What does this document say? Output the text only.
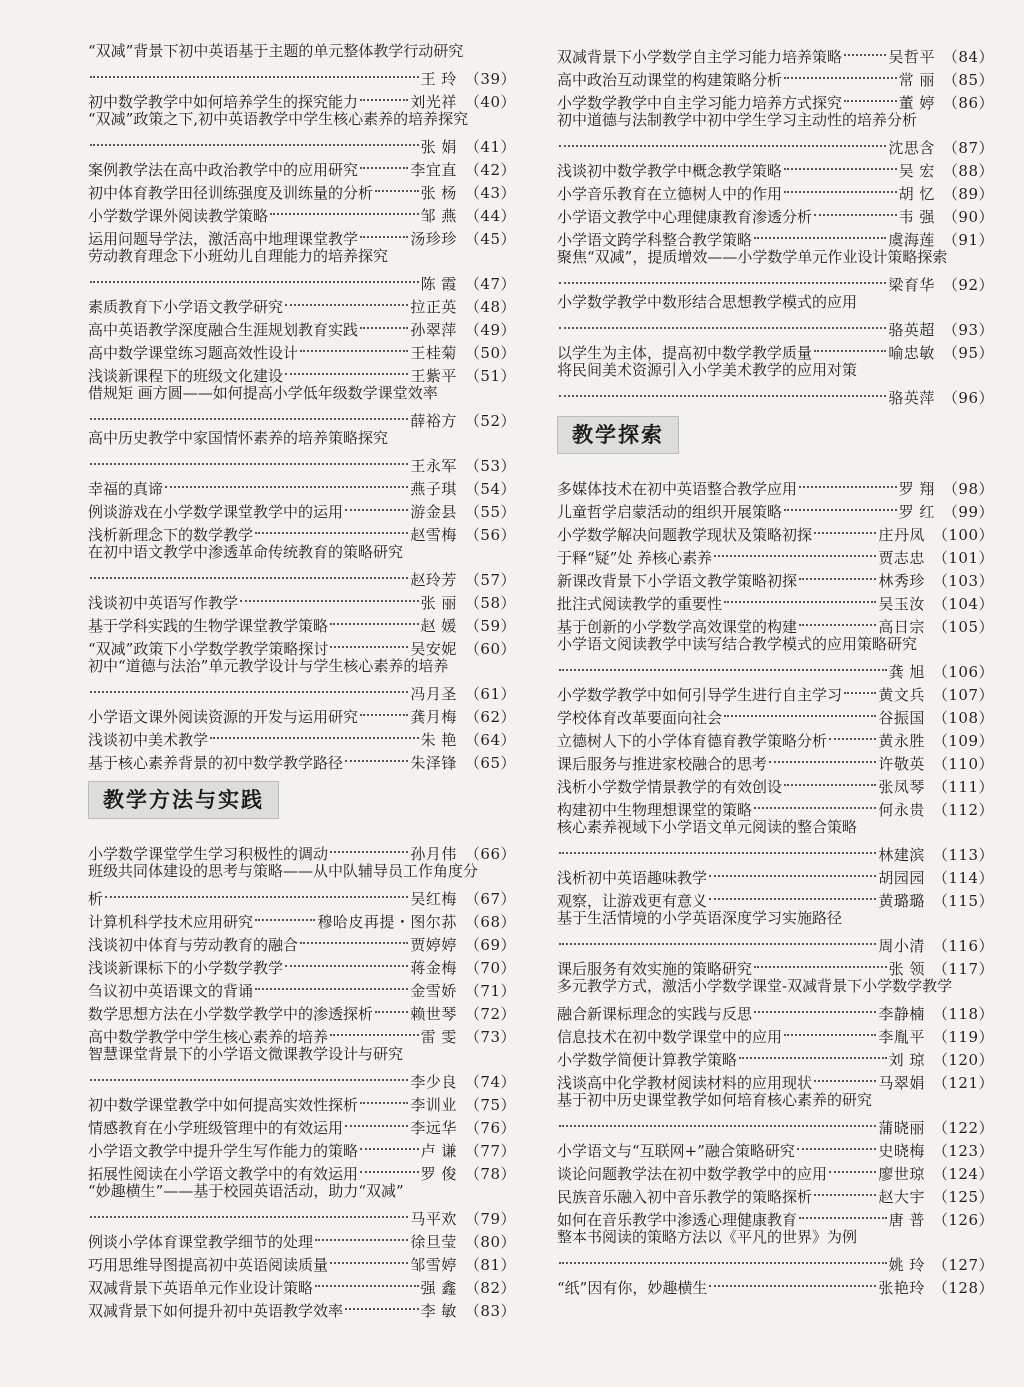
“双减”背景下初中英语基于主题的单元整体教学行动研究
王 玲 （39）
初中数学教学中如何培养学生的探究能力	刘光祥 （40）
“双减”政策之下,初中英语教学中学生核心素养的培养探究
张 娟 （41）
案例教学法在高中政治教学中的应用研究	李宜直 （42）
初中体育教学田径训练强度及训练量的分析	张 杨 （43）
小学数学课外阅读教学策略	邹 燕 （44）
运用问题导学法，激活高中地理课堂教学	汤珍珍 （45）
劳动教育理念下小班幼儿自理能力的培养探究
陈 霞 （47）
素质教育下小学语文教学研究	拉正英 （48）
高中英语教学深度融合生涯规划教育实践	孙翠萍 （49）
高中数学课堂练习题高效性设计	王桂菊 （50）
浅谈新课程下的班级文化建设	王紫平 （51）
借规矩 画方圆——如何提高小学低年级数学课堂效率
薛裕方 （52）
高中历史教学中家国情怀素养的培养策略探究
王永军 （53）
幸福的真谛	燕子琪 （54）
例谈游戏在小学数学课堂教学中的运用	游金县 （55）
浅析新理念下的数学教学	赵雪梅 （56）
在初中语文教学中渗透革命传统教育的策略研究
赵玲芳 （57）
浅谈初中英语写作教学	张 丽 （58）
基于学科实践的生物学课堂教学策略	赵 媛 （59）
“双减”政策下小学数学教学策略探讨	吴安妮 （60）
初中“道德与法治”单元教学设计与学生核心素养的培养
冯月圣 （61）
小学语文课外阅读资源的开发与运用研究	龚月梅 （62）
浅谈初中美术教学	朱 艳 （64）
基于核心素养背景的初中数学教学路径	朱泽锋 （65）
教学方法与实践
小学数学课堂学生学习积极性的调动	孙月伟 （66）
班级共同体建设的思考与策略——从中队辅导员工作角度分
析	吴红梅 （67）
计算机科学技术应用研究	穆哈皮再提・图尔荪 （68）
浅谈初中体育与劳动教育的融合	贾婷婷 （69）
浅谈新课标下的小学数学教学	蒋金梅 （70）
刍议初中英语课文的背诵	金雪娇 （71）
数学思想方法在小学数学教学中的渗透探析 赖世琴 （72）
高中数学教学中学生核心素养的培养	雷 雯 （73）
智慧课堂背景下的小学语文微课教学设计与研究
李少良 （74）
初中数学课堂教学中如何提高实效性探析	李训业 （75）
情感教育在小学班级管理中的有效运用	李远华 （76）
小学语文教学中提升学生写作能力的策略	卢 谦 （77）
拓展性阅读在小学语文教学中的有效运用	罗 俊 （78）
“妙趣横生”——基于校园英语活动，助力“双减”
马平欢 （79）
例谈小学体育课堂教学细节的处理	徐旦莹 （80）
巧用思维导图提高初中英语阅读质量	邹雪婷 （81）
双减背景下英语单元作业设计策略	强 鑫 （82）
双减背景下如何提升初中英语教学效率	李 敏 （83）
双减背景下小学数学自主学习能力培养策略	吴哲平 （84）
高中政治互动课堂的构建策略分析	常 丽 （85）
小学数学教学中自主学习能力培养方式探究	董 婷 （86）
初中道德与法制教学中初中学生学习主动性的培养分析
沈思含 （87）
浅谈初中数学教学中概念教学策略	吴 宏 （88）
小学音乐教育在立德树人中的作用	胡 忆 （89）
小学语文教学中心理健康教育渗透分析	韦 强 （90）
小学语文跨学科整合教学策略	虞海莲 （91）
聚焦“双减”，提质增效——小学数学单元作业设计策略探索
梁育华 （92）
小学数学教学中数形结合思想教学模式的应用
骆英超 （93）
以学生为主体，提高初中数学教学质量	喻忠敏 （95）
将民间美术资源引入小学美术教学的应用对策
骆英萍 （96）
教学探索
多媒体技术在初中英语整合教学应用	罗 翔 （98）
儿童哲学启蒙活动的组织开展策略	罗 红 （99）
小学数学解决问题教学现状及策略初探	庄丹凤 （100）
于释“疑”处 养核心素养	贾志忠 （101）
新课改背景下小学语文教学策略初探	林秀珍 （103）
批注式阅读教学的重要性	吴玉汝 （104）
基于创新的小学数学高效课堂的构建	高日宗 （105）
小学语文阅读教学中读写结合教学模式的应用策略研究
龚 旭 （106）
小学数学教学中如何引导学生进行自主学习 黄文兵 （107）
学校体育改革要面向社会	谷振国 （108）
立德树人下的小学体育德育教学策略分析	黄永胜 （109）
课后服务与推进家校融合的思考	许敬英 （110）
浅析小学数学情景教学的有效创设	张凤琴 （111）
构建初中生物理想课堂的策略	何永贵 （112）
核心素养视域下小学语文单元阅读的整合策略
林建滨 （113）
浅析初中英语趣味教学	胡园园 （114）
观察，让游戏更有意义	黄璐璐 （115）
基于生活情境的小学英语深度学习实施路径
周小清 （116）
课后服务有效实施的策略研究	张 领 （117）
多元教学方式，激活小学数学课堂-双减背景下小学数学教学
融合新课标理念的实践与反思	李静楠 （118）
信息技术在初中数学课堂中的应用	李胤平 （119）
小学数学简便计算教学策略	刘 琼 （120）
浅谈高中化学教材阅读材料的应用现状	马翠娟 （121）
基于初中历史课堂教学如何培育核心素养的研究
蒲晓丽 （122）
小学语文与“互联网+”融合策略研究	史晓梅 （123）
谈论问题教学法在初中数学教学中的应用	廖世琼 （124）
民族音乐融入初中音乐教学的策略探析	赵大宇 （125）
如何在音乐教学中渗透心理健康教育	唐 普 （126）
整本书阅读的策略方法以《平凡的世界》为例
姚 玲 （127）
“纸”因有你，妙趣横生	张艳玲 （128）
